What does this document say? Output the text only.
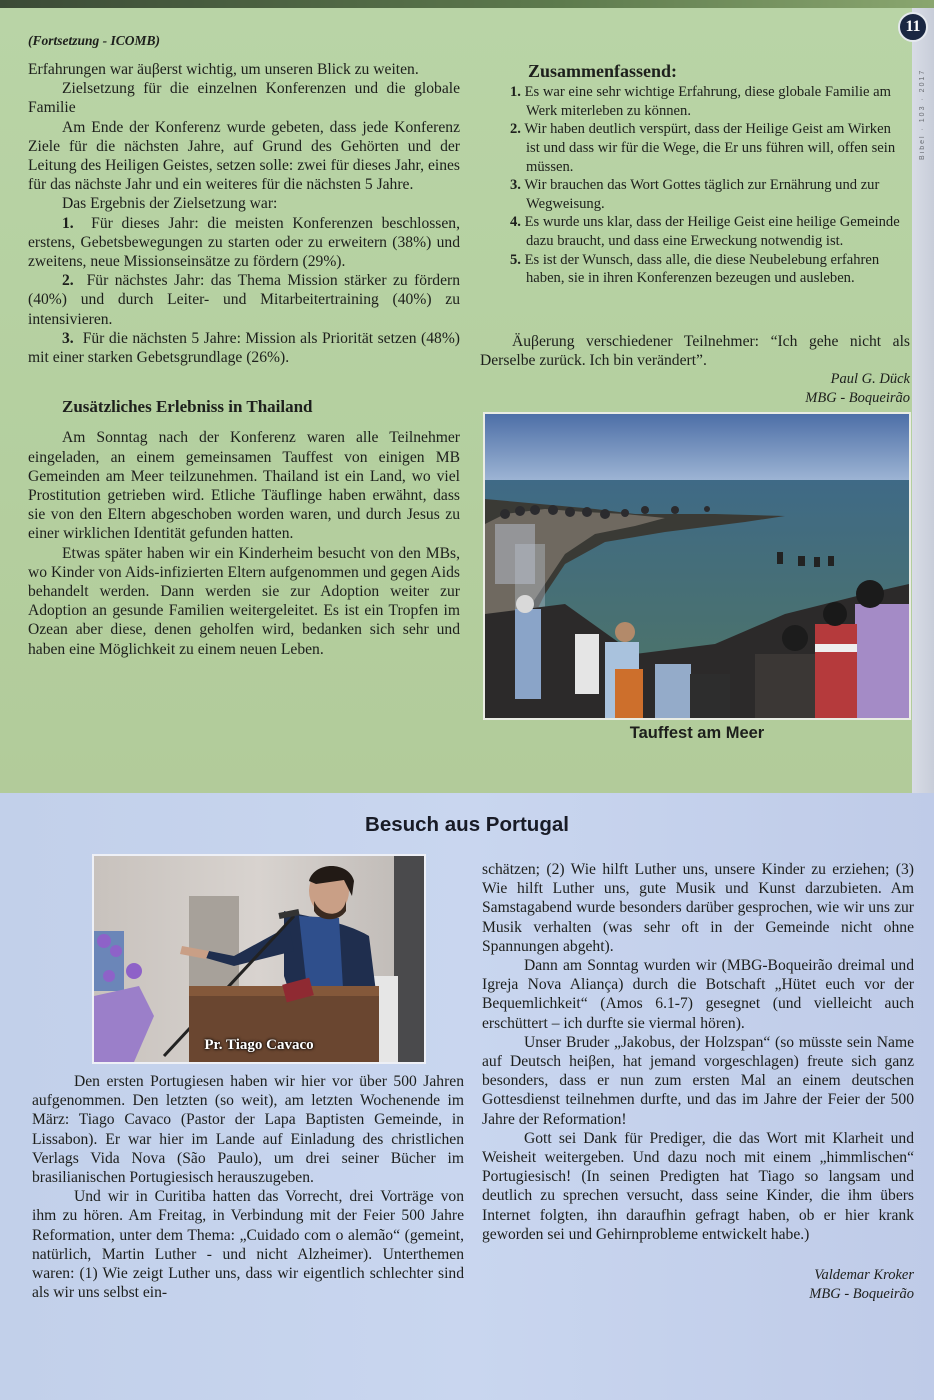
Bibel · 103 · 2017
11
(Fortsetzung - ICOMB)

Erfahrungen war äuβerst wichtig, um unseren Blick zu weiten.

Zielsetzung für die einzelnen Konferenzen und die globale Familie

Am Ende der Konferenz wurde gebeten, dass jede Konferenz Ziele für die nächsten Jahre, auf Grund des Gehörten und der Leitung des Heiligen Geistes, setzen solle: zwei für dieses Jahr, eines für das nächste Jahr und ein weiteres für die nächsten 5 Jahre.

Das Ergebnis der Zielsetzung war:

1. Für dieses Jahr: die meisten Konferenzen beschlossen, erstens, Gebetsbewegungen zu starten oder zu erweitern (38%) und zweitens, neue Missionseinsätze zu fördern (29%).

2. Für nächstes Jahr: das Thema Mission stärker zu fördern (40%) und durch Leiter- und Mitarbeitertraining (40%) zu intensivieren.

3. Für die nächsten 5 Jahre: Mission als Priorität setzen (48%) mit einer starken Gebetsgrundlage (26%).

Zusätzliches Erlebniss in Thailand

Am Sonntag nach der Konferenz waren alle Teilnehmer eingeladen, an einem gemeinsamen Tauffest von einigen MB Gemeinden am Meer teilzunehmen. Thailand ist ein Land, wo viel Prostitution getrieben wird. Etliche Täuflinge haben erwähnt, dass sie von den Eltern abgeschoben worden waren, und durch Jesus zu einer wirklichen Identität gefunden hatten.

Etwas später haben wir ein Kinderheim besucht von den MBs, wo Kinder von Aids-infizierten Eltern aufgenommen und gegen Aids behandelt werden. Dann werden sie zur Adoption weiter zur Adoption an gesunde Familien weitergeleitet. Es ist ein Tropfen im Ozean aber diese, denen geholfen wird, bedanken sich sehr und haben eine Möglichkeit zu einem neuen Leben.

Zusammenfassend:

1. Es war eine sehr wichtige Erfahrung, diese globale Familie am Werk miterleben zu können.
2. Wir haben deutlich verspürt, dass der Heilige Geist am Wirken ist und dass wir für die Wege, die Er uns führen will, offen sein müssen.
3. Wir brauchen das Wort Gottes täglich zur Ernährung und zur Wegweisung.
4. Es wurde uns klar, dass der Heilige Geist eine heilige Gemeinde dazu braucht, und dass eine Erweckung notwendig ist.
5. Es ist der Wunsch, dass alle, die diese Neubelebung erfahren haben, sie in ihren Konferenzen bezeugen und ausleben.

Äuβerung verschiedener Teilnehmer: “Ich gehe nicht als Derselbe zurück. Ich bin verändert”.

Paul G. Dück

MBG - Boqueirão

Tauffest am Meer
Besuch aus Portugal
Pr. Tiago Cavaco

Den ersten Portugiesen haben wir hier vor über 500 Jahren aufgenommen. Den letzten (so weit), am letzten Wochenende im März: Tiago Cavaco (Pastor der Lapa Baptisten Gemeinde, in Lissabon). Er war hier im Lande auf Einladung des christlichen Verlags Vida Nova (São Paulo), um drei seiner Bücher im brasilianischen Portugiesisch herauszugeben.

Und wir in Curitiba hatten das Vorrecht, drei Vorträge von ihm zu hören. Am Freitag, in Verbindung mit der Feier 500 Jahre Reformation, unter dem Thema: „Cuidado com o alemão“ (gemeint, natürlich, Martin Luther - und nicht Alzheimer). Unterthemen waren: (1) Wie zeigt Luther uns, dass wir eigentlich schlechter sind als wir uns selbst ein-

schätzen; (2) Wie hilft Luther uns, unsere Kinder zu erziehen; (3) Wie hilft Luther uns, gute Musik und Kunst darzubieten. Am Samstagabend wurde besonders darüber gesprochen, wie wir uns zur Musik verhalten (was sehr oft in der Gemeinde nicht ohne Spannungen abgeht).

Dann am Sonntag wurden wir (MBG-Boqueirão dreimal und Igreja Nova Aliança) durch die Botschaft „Hütet euch vor der Bequemlichkeit“ (Amos 6.1-7) gesegnet (und vielleicht auch erschüttert – ich durfte sie viermal hören).

Unser Bruder „Jakobus, der Holzspan“ (so müsste sein Name auf Deutsch heiβen, hat jemand vorgeschlagen) freute sich ganz besonders, dass er nun zum ersten Mal an einem deutschen Gottesdienst teilnehmen durfte, und das im Jahre der Feier der 500 Jahre der Reformation!

Gott sei Dank für Prediger, die das Wort mit Klarheit und Weisheit weitergeben. Und dazu noch mit einem „himmlischen“ Portugiesisch! (In seinen Predigten hat Tiago so langsam und deutlich zu sprechen versucht, dass seine Kinder, die ihm übers Internet folgten, ihn daraufhin gefragt haben, ob er hier krank geworden sei und Gehirnprobleme entwickelt habe.)

Valdemar Kroker

MBG - Boqueirão
